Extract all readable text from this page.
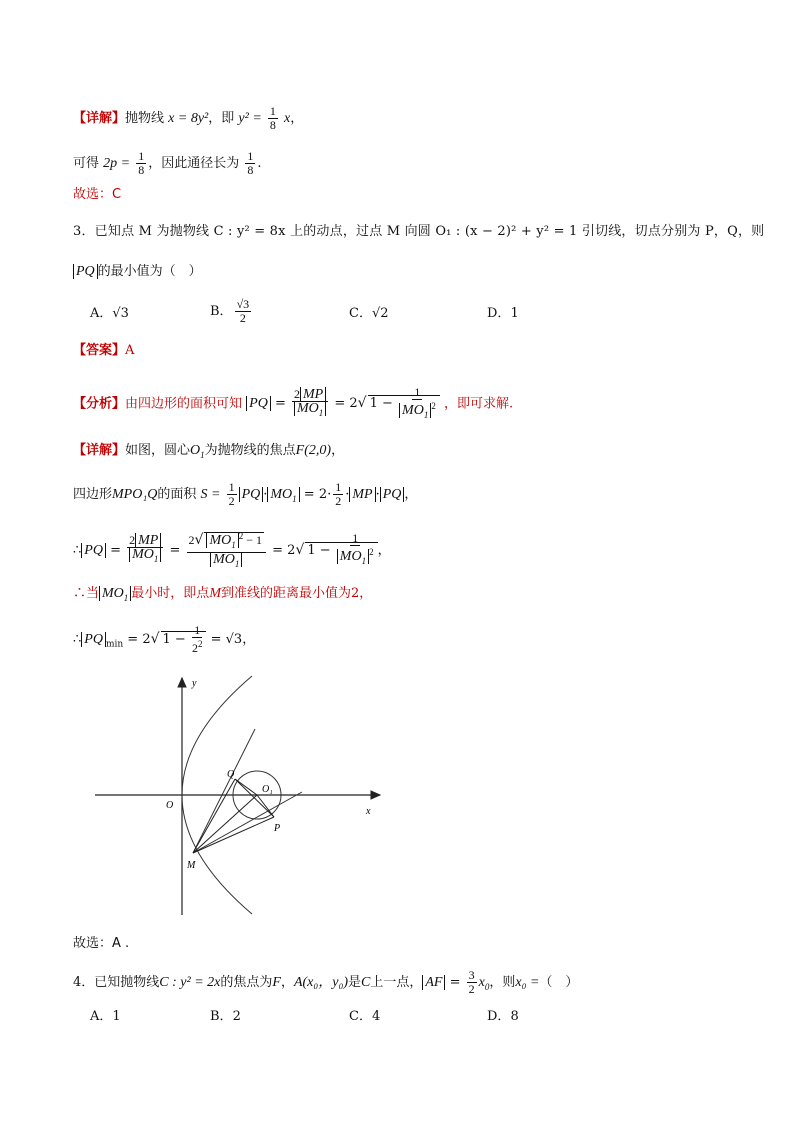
【详解】抛物线 x = 8y²，即 $y^2 = \frac{1}{8}$ x，
可得 $2p = \frac{1}{8}$ ，因此通径长为 $\frac{1}{8}$ .
故选：C
3．已知点 M 为抛物线 C : y² = 8x 上的动点，过点 M 向圆 O₁ : (x − 2)² + y² = 1 引切线，切点分别为 P，Q，则
PQ 的最小值为（　）
A．√3	B． $\frac{√3}{2}$	C．√2	D．1
【答案】A
【分析】由四边形的面积可知 PQ = $\frac{2 MP}{MO_1} = 2√$ $1 - \frac{1}{MO_1^2}$ ，即可求解.
【详解】如图，圆心$O_1$为抛物线的焦点F(2,0)，
四边形MPO₁Q的面积 $S = \frac{1}{2}$ PQ · $MO_1 = 2\cdot \frac{1}{2}$ · MP · PQ ，
∴ PQ = $\frac{2 MP}{MO_1} = \frac{2√ MO_1^2 - 1}{MO_1} = 2√$ $1 - \frac{1}{MO_1^2}$ ，
∴当 $MO_1$ 最小时，即点M到准线的距离最小值为2，
∴ PQ $_{min}$ = 2√ $1 - \frac{1}{2^2} = √3$，
y
x
O
Q
O₁
P
M
故选：A .
4．已知抛物线C : y² = 2x的焦点为F，A(x₀，y₀)是C上一点， AF = $\frac{3}{2} x_0$，则x₀ =（　）
A．1	B．2	C．4	D．8
